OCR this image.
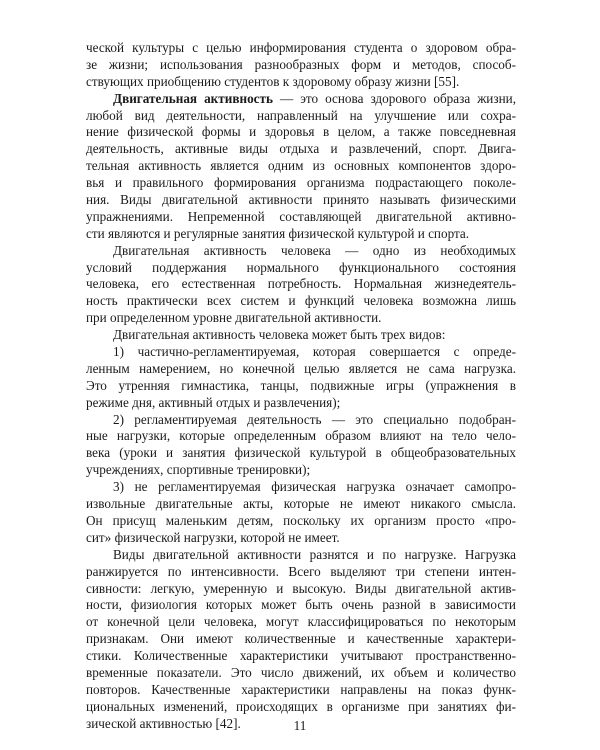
ческой культуры с целью информирования студента о здоровом обра-
зе жизни; использования разнообразных форм и методов, способ-
ствующих приобщению студентов к здоровому образу жизни [55].
Двигательная активность — это основа здорового образа жизни,
любой вид деятельности, направленный на улучшение или сохра-
нение физической формы и здоровья в целом, а также повседневная
деятельность, активные виды отдыха и развлечений, спорт. Двига-
тельная активность является одним из основных компонентов здоро-
вья и правильного формирования организма подрастающего поколе-
ния. Виды двигательной активности принято называть физическими
упражнениями. Непременной составляющей двигательной активно-
сти являются и регулярные занятия физической культурой и спорта.
Двигательная активность человека — одно из необходимых
условий поддержания нормального функционального состояния
человека, его естественная потребность. Нормальная жизнедеятель-
ность практически всех систем и функций человека возможна лишь
при определенном уровне двигательной активности.
Двигательная активность человека может быть трех видов:
1) частично-регламентируемая, которая совершается с опреде-
ленным намерением, но конечной целью является не сама нагрузка.
Это утренняя гимнастика, танцы, подвижные игры (упражнения в
режиме дня, активный отдых и развлечения);
2) регламентируемая деятельность — это специально подобран-
ные нагрузки, которые определенным образом влияют на тело чело-
века (уроки и занятия физической культурой в общеобразовательных
учреждениях, спортивные тренировки);
3) не регламентируемая физическая нагрузка означает самопро-
извольные двигательные акты, которые не имеют никакого смысла.
Он присущ маленьким детям, поскольку их организм просто «про-
сит» физической нагрузки, которой не имеет.
Виды двигательной активности разнятся и по нагрузке. Нагрузка
ранжируется по интенсивности. Всего выделяют три степени интен-
сивности: легкую, умеренную и высокую. Виды двигательной актив-
ности, физиология которых может быть очень разной в зависимости
от конечной цели человека, могут классифицироваться по некоторым
признакам. Они имеют количественные и качественные характери-
стики. Количественные характеристики учитывают пространственно-
временные показатели. Это число движений, их объем и количество
повторов. Качественные характеристики направлены на показ функ-
циональных изменений, происходящих в организме при занятиях фи-
зической активностью [42].	11
